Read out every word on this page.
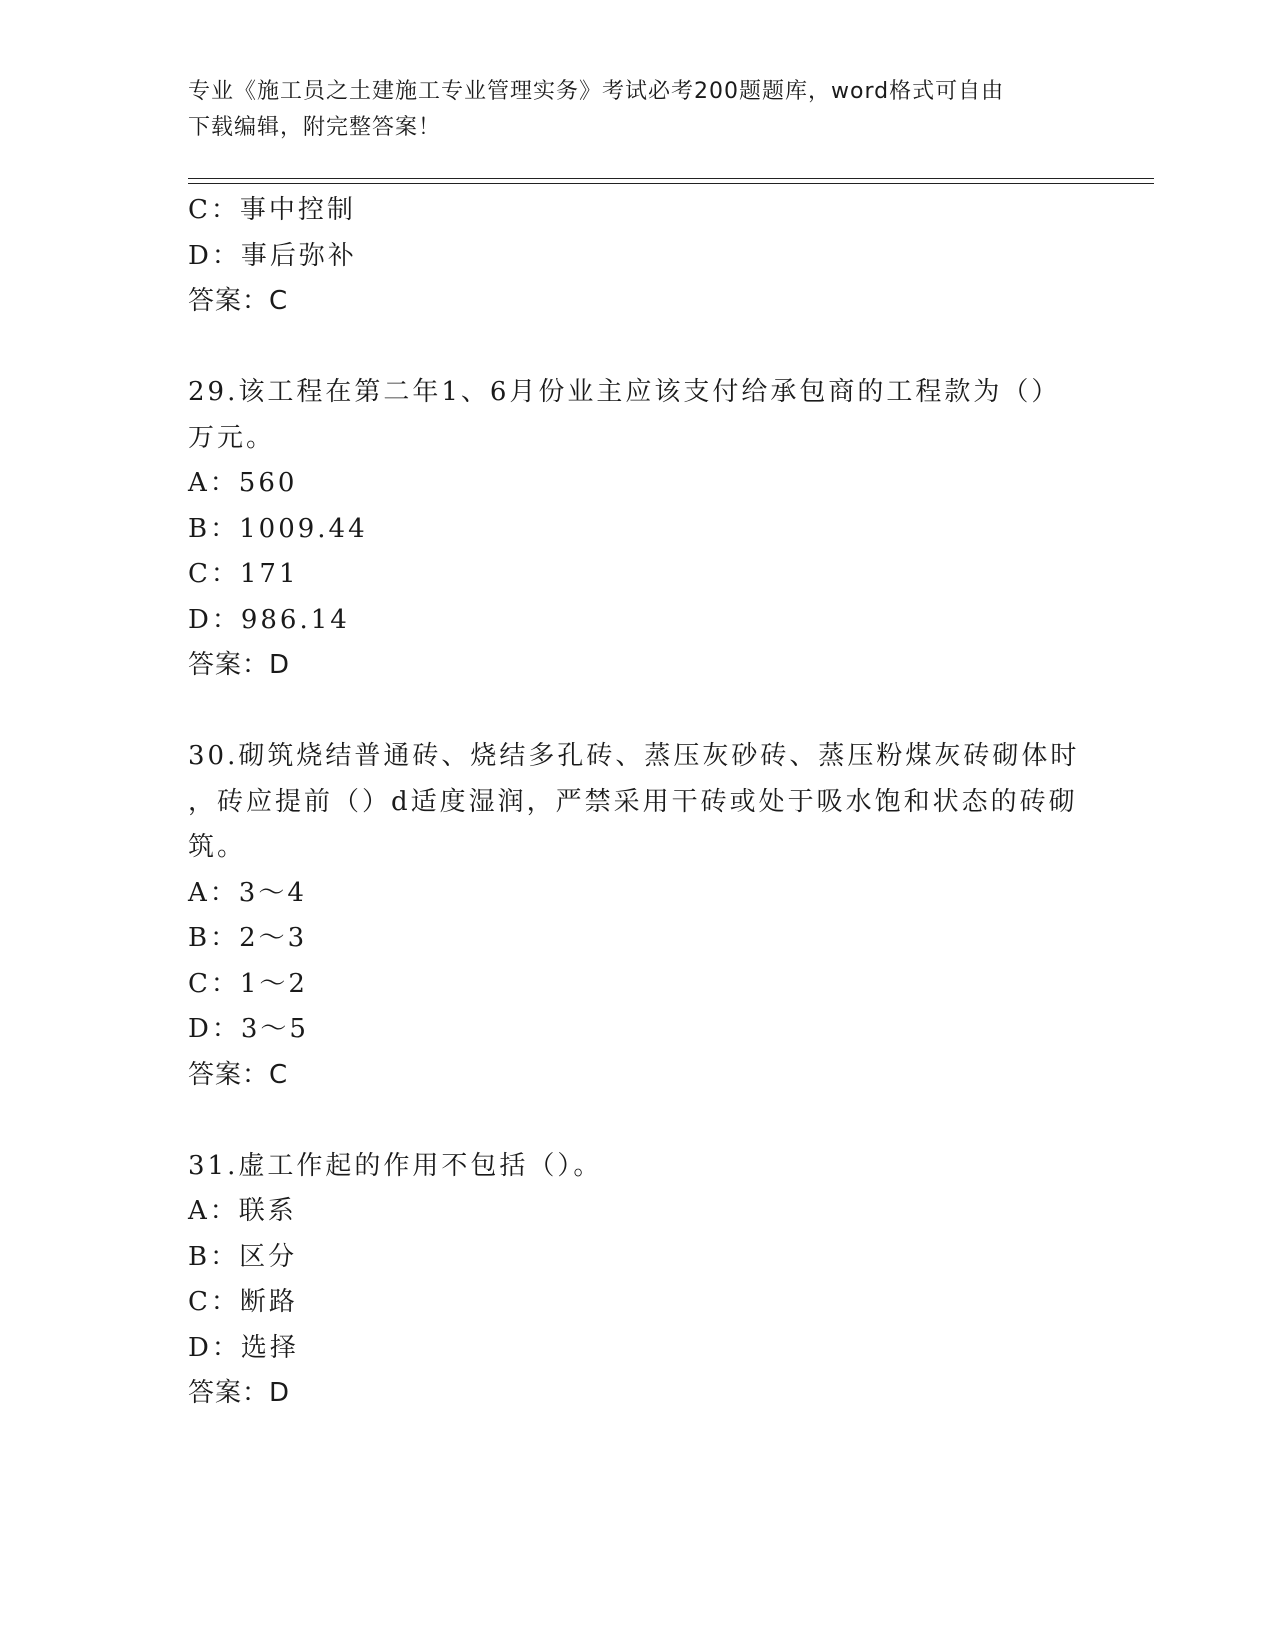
专业《施工员之土建施工专业管理实务》考试必考200题题库，word格式可自由
下载编辑，附完整答案！
C：事中控制
D：事后弥补
答案：C
29.该工程在第二年1、6月份业主应该支付给承包商的工程款为（）
万元。
A：560
B：1009.44
C：171
D：986.14
答案：D
30.砌筑烧结普通砖、烧结多孔砖、蒸压灰砂砖、蒸压粉煤灰砖砌体时
，砖应提前（）d适度湿润，严禁采用干砖或处于吸水饱和状态的砖砌
筑。
A：3～4
B：2～3
C：1～2
D：3～5
答案：C
31.虚工作起的作用不包括（）。
A：联系
B：区分
C：断路
D：选择
答案：D
